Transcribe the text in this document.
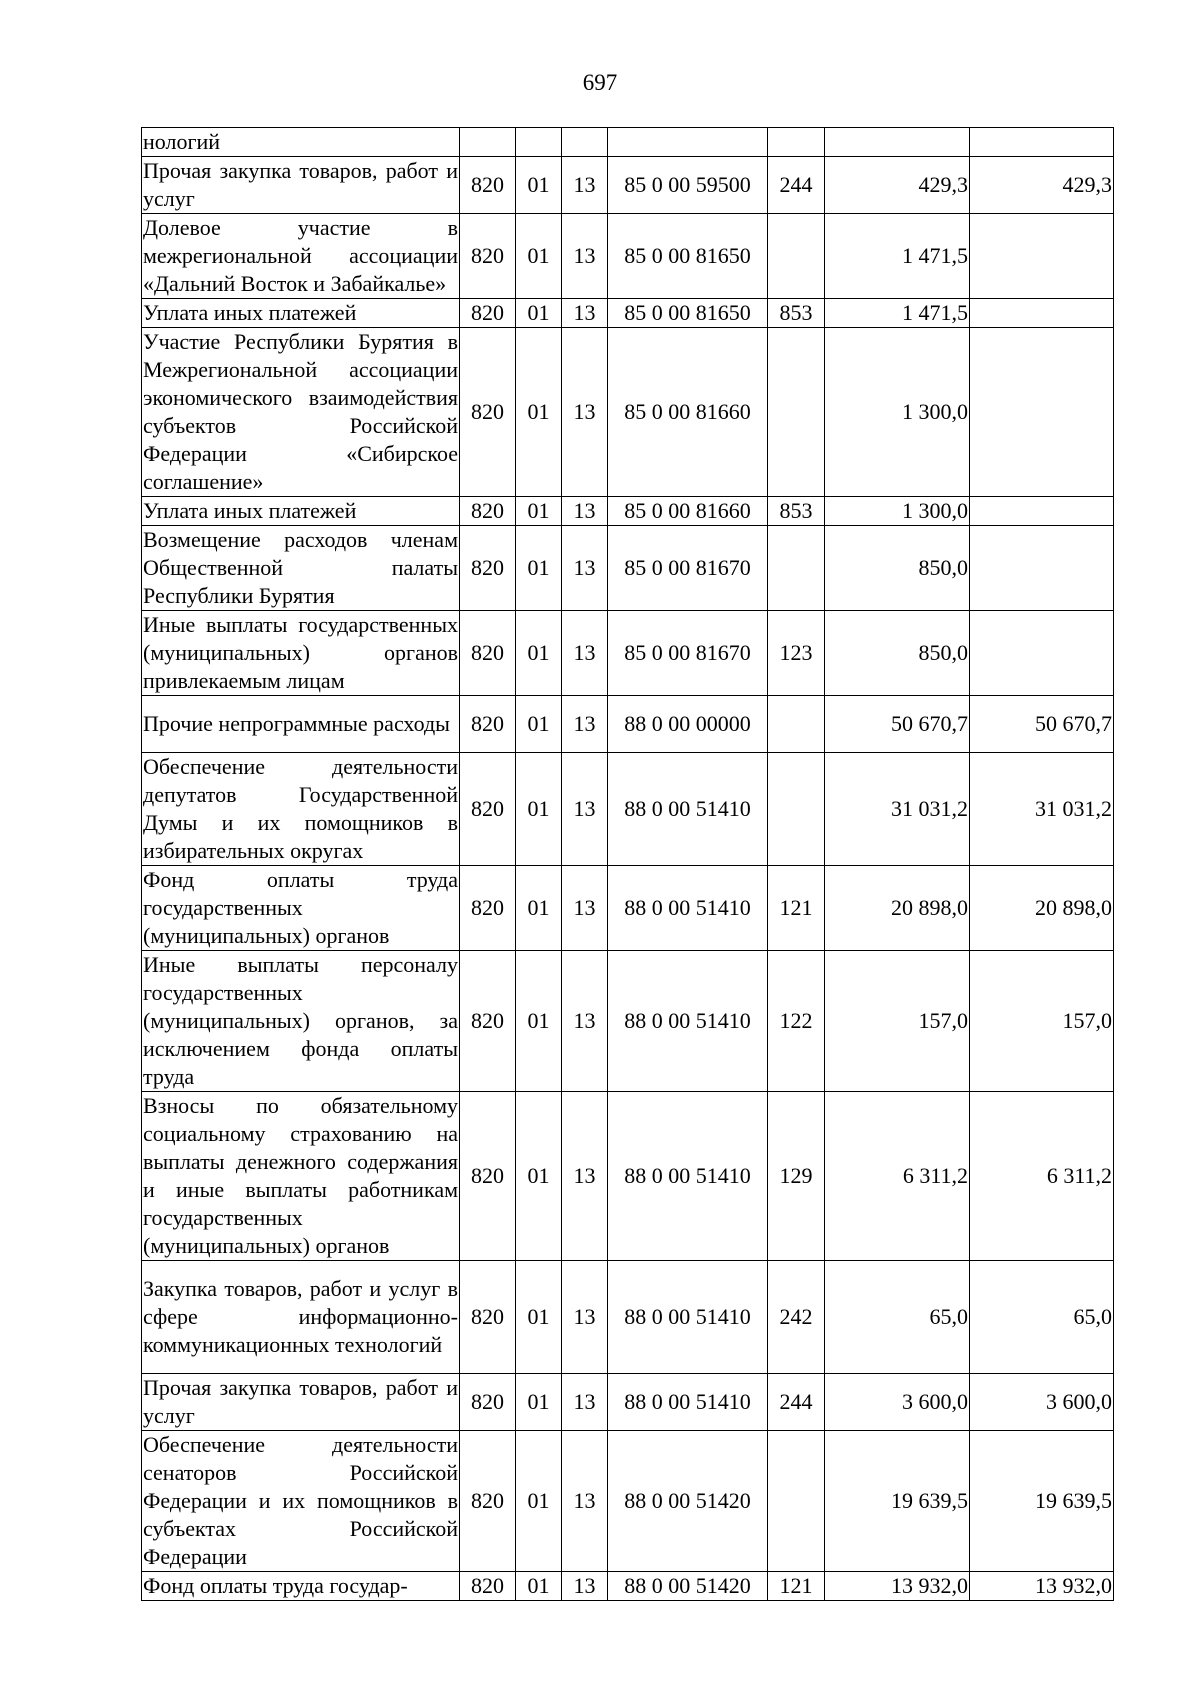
697
нологий							
Прочая закупка товаров, работ и услуг	820	01	13	85 0 00 59500	244	429,3	429,3
Долевое участие в межрегиональной ассоциации «Дальний Восток и Забайкалье»	820	01	13	85 0 00 81650		1 471,5	
Уплата иных платежей	820	01	13	85 0 00 81650	853	1 471,5	
Участие Республики Бурятия в Межрегиональной ассоциации экономического взаимодействия субъектов Российской Федерации «Сибирское соглашение»	820	01	13	85 0 00 81660		1 300,0	
Уплата иных платежей	820	01	13	85 0 00 81660	853	1 300,0	
Возмещение расходов членам Общественной палаты Республики Бурятия	820	01	13	85 0 00 81670		850,0	
Иные выплаты государственных (муниципальных) органов привлекаемым лицам	820	01	13	85 0 00 81670	123	850,0	
Прочие непрограммные расходы	820	01	13	88 0 00 00000		50 670,7	50 670,7
Обеспечение деятельности депутатов Государственной Думы и их помощников в избирательных округах	820	01	13	88 0 00 51410		31 031,2	31 031,2
Фонд оплаты труда государственных (муниципальных) органов	820	01	13	88 0 00 51410	121	20 898,0	20 898,0
Иные выплаты персоналу государственных (муниципальных) органов, за исключением фонда оплаты труда	820	01	13	88 0 00 51410	122	157,0	157,0
Взносы по обязательному социальному страхованию на выплаты денежного содержания и иные выплаты работникам государственных (муниципальных) органов	820	01	13	88 0 00 51410	129	6 311,2	6 311,2
Закупка товаров, работ и услуг в сфере информационно-коммуникационных технологий	820	01	13	88 0 00 51410	242	65,0	65,0
Прочая закупка товаров, работ и услуг	820	01	13	88 0 00 51410	244	3 600,0	3 600,0
Обеспечение деятельности сенаторов Российской Федерации и их помощников в субъектах Российской Федерации	820	01	13	88 0 00 51420		19 639,5	19 639,5
Фонд оплаты труда государ-	820	01	13	88 0 00 51420	121	13 932,0	13 932,0
